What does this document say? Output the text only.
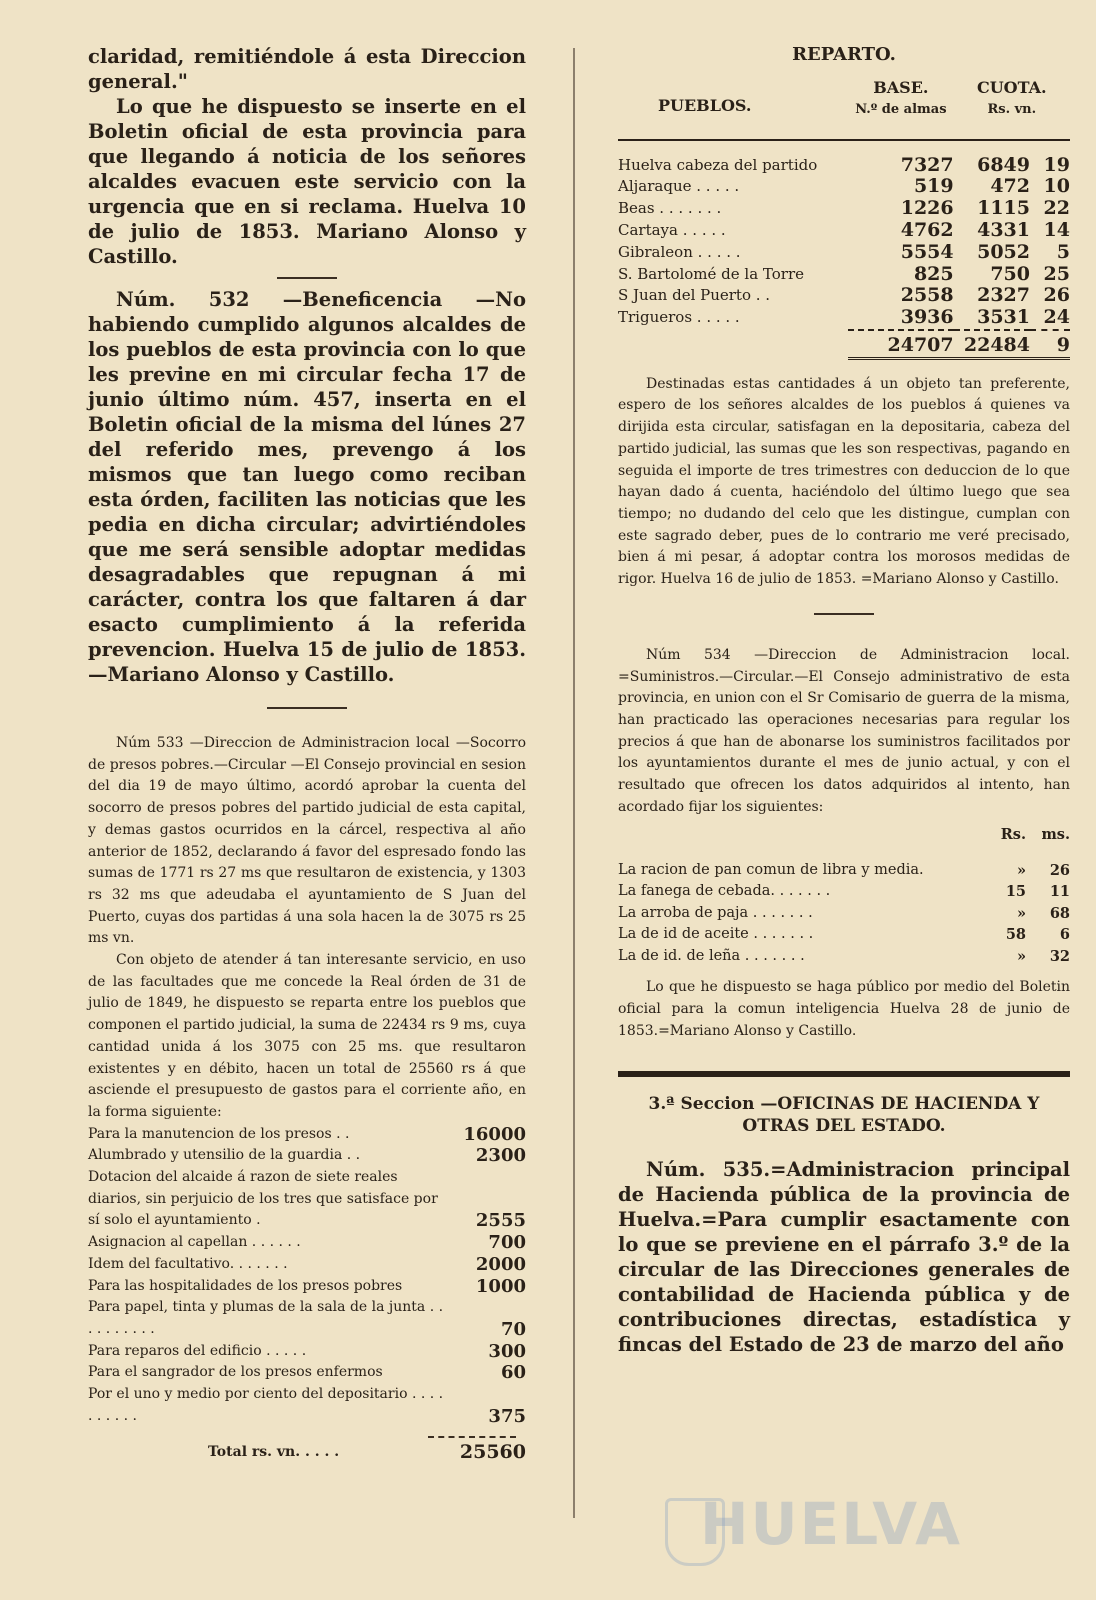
claridad, remitiéndole á esta Direccion general."

Lo que he dispuesto se inserte en el Boletin oficial de esta provincia para que llegando á noticia de los señores alcaldes evacuen este servicio con la urgencia que en si reclama. Huelva 10 de julio de 1853. Mariano Alonso y Castillo.

Núm. 532 —Beneficencia —No habiendo cumplido algunos alcaldes de los pueblos de esta provincia con lo que les previne en mi circular fecha 17 de junio último núm. 457, inserta en el Boletin oficial de la misma del lúnes 27 del referido mes, prevengo á los mismos que tan luego como reciban esta órden, faciliten las noticias que les pedia en dicha circular; advirtiéndoles que me será sensible adoptar medidas desagradables que repugnan á mi carácter, contra los que faltaren á dar esacto cumplimiento á la referida prevencion. Huelva 15 de julio de 1853.—Mariano Alonso y Castillo.

Núm 533 —Direccion de Administracion local —Socorro de presos pobres.—Circular —El Consejo provincial en sesion del dia 19 de mayo último, acordó aprobar la cuenta del socorro de presos pobres del partido judicial de esta capital, y demas gastos ocurridos en la cárcel, respectiva al año anterior de 1852, declarando á favor del espresado fondo las sumas de 1771 rs 27 ms que resultaron de existencia, y 1303 rs 32 ms que adeudaba el ayuntamiento de S Juan del Puerto, cuyas dos partidas á una sola hacen la de 3075 rs 25 ms vn.

Con objeto de atender á tan interesante servicio, en uso de las facultades que me concede la Real órden de 31 de julio de 1849, he dispuesto se reparta entre los pueblos que componen el partido judicial, la suma de 22434 rs 9 ms, cuya cantidad unida á los 3075 con 25 ms. que resultaron existentes y en débito, hacen un total de 25560 rs á que asciende el presupuesto de gastos para el corriente año, en la forma siguiente:

Para la manutencion de los presos . .	16000
Alumbrado y utensilio de la guardia . .	2300
Dotacion del alcaide á razon de siete reales diarios, sin perjuicio de los tres que satisface por sí solo el ayuntamiento .	2555
Asignacion al capellan . . . . . .	700
Idem del facultativo. . . . . . .	2000
Para las hospitalidades de los presos pobres	1000
Para papel, tinta y plumas de la sala de la junta . . . . . . . . . .	70
Para reparos del edificio . . . . .	300
Para el sangrador de los presos enfermos	60
Por el uno y medio por ciento del depositario . . . . . . . . . .	375
Total rs. vn. . . . .	25560
REPARTO.
PUEBLOS.	BASE.	CUOTA.	
	N.º de almas	Rs. vn.	

Huelva cabeza del partido	7327	6849	19
Aljaraque . . . . .	519	472	10
Beas . . . . . . .	1226	1115	22
Cartaya . . . . .	4762	4331	14
Gibraleon . . . . .	5554	5052	5
S. Bartolomé de la Torre	825	750	25
S Juan del Puerto . .	2558	2327	26
Trigueros . . . . .	3936	3531	24

	24707	22484	9

Destinadas estas cantidades á un objeto tan preferente, espero de los señores alcaldes de los pueblos á quienes va dirijida esta circular, satisfagan en la depositaria, cabeza del partido judicial, las sumas que les son respectivas, pagando en seguida el importe de tres trimestres con deduccion de lo que hayan dado á cuenta, haciéndolo del último luego que sea tiempo; no dudando del celo que les distingue, cumplan con este sagrado deber, pues de lo contrario me veré precisado, bien á mi pesar, á adoptar contra los morosos medidas de rigor. Huelva 16 de julio de 1853. =Mariano Alonso y Castillo.

Núm 534 —Direccion de Administracion local. =Suministros.—Circular.—El Consejo administrativo de esta provincia, en union con el Sr Comisario de guerra de la misma, han practicado las operaciones necesarias para regular los precios á que han de abonarse los suministros facilitados por los ayuntamientos durante el mes de junio actual, y con el resultado que ofrecen los datos adquiridos al intento, han acordado fijar los siguientes:

	Rs.	ms.

La racion de pan comun de libra y media.	»	26
La fanega de cebada. . . . . . .	15	11
La arroba de paja . . . . . . .	»	68
La de id de aceite . . . . . . .	58	6
La de id. de leña . . . . . . .	»	32

Lo que he dispuesto se haga público por medio del Boletin oficial para la comun inteligencia Huelva 28 de junio de 1853.=Mariano Alonso y Castillo.

3.ª Seccion —OFICINAS DE HACIENDA Y OTRAS DEL ESTADO.

Núm. 535.=Administracion principal de Hacienda pública de la provincia de Huelva.=Para cumplir esactamente con lo que se previene en el párrafo 3.º de la circular de las Direcciones generales de contabilidad de Hacienda pública y de contribuciones directas, estadística y fincas del Estado de 23 de marzo del año

HUELVA
